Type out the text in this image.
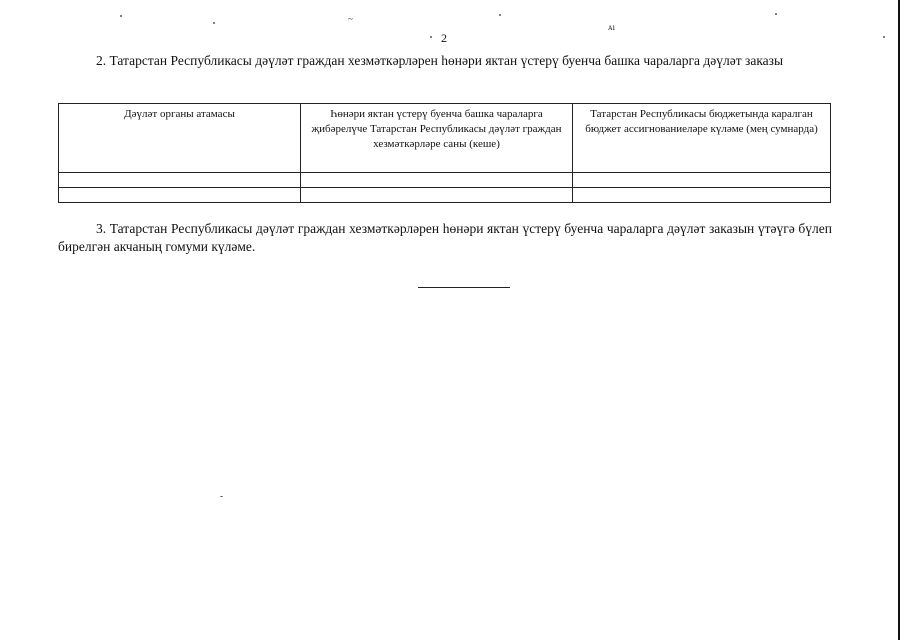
2

2. Татарстан Республикасы дәүләт граждан хезмәткәрләрен һөнәри яктан үстерү буенча башка чараларга дәүләт заказы

Дәүләт органы атамасы	Һөнәри яктан үстерү буенча башка чараларга җибәрелүче Татарстан Республикасы дәүләт граждан хезмәткәрләре саны (кеше)	Татарстан Республикасы бюджетында каралган бюджет ассигнованиеләре күләме (мең сумнарда)

3. Татарстан Республикасы дәүләт граждан хезмәткәрләрен һөнәри яктан үстерү буенча чараларга дәүләт заказын үтәүгә бүлеп бирелгән акчаның гомуми күләме.

~
ᴀı
